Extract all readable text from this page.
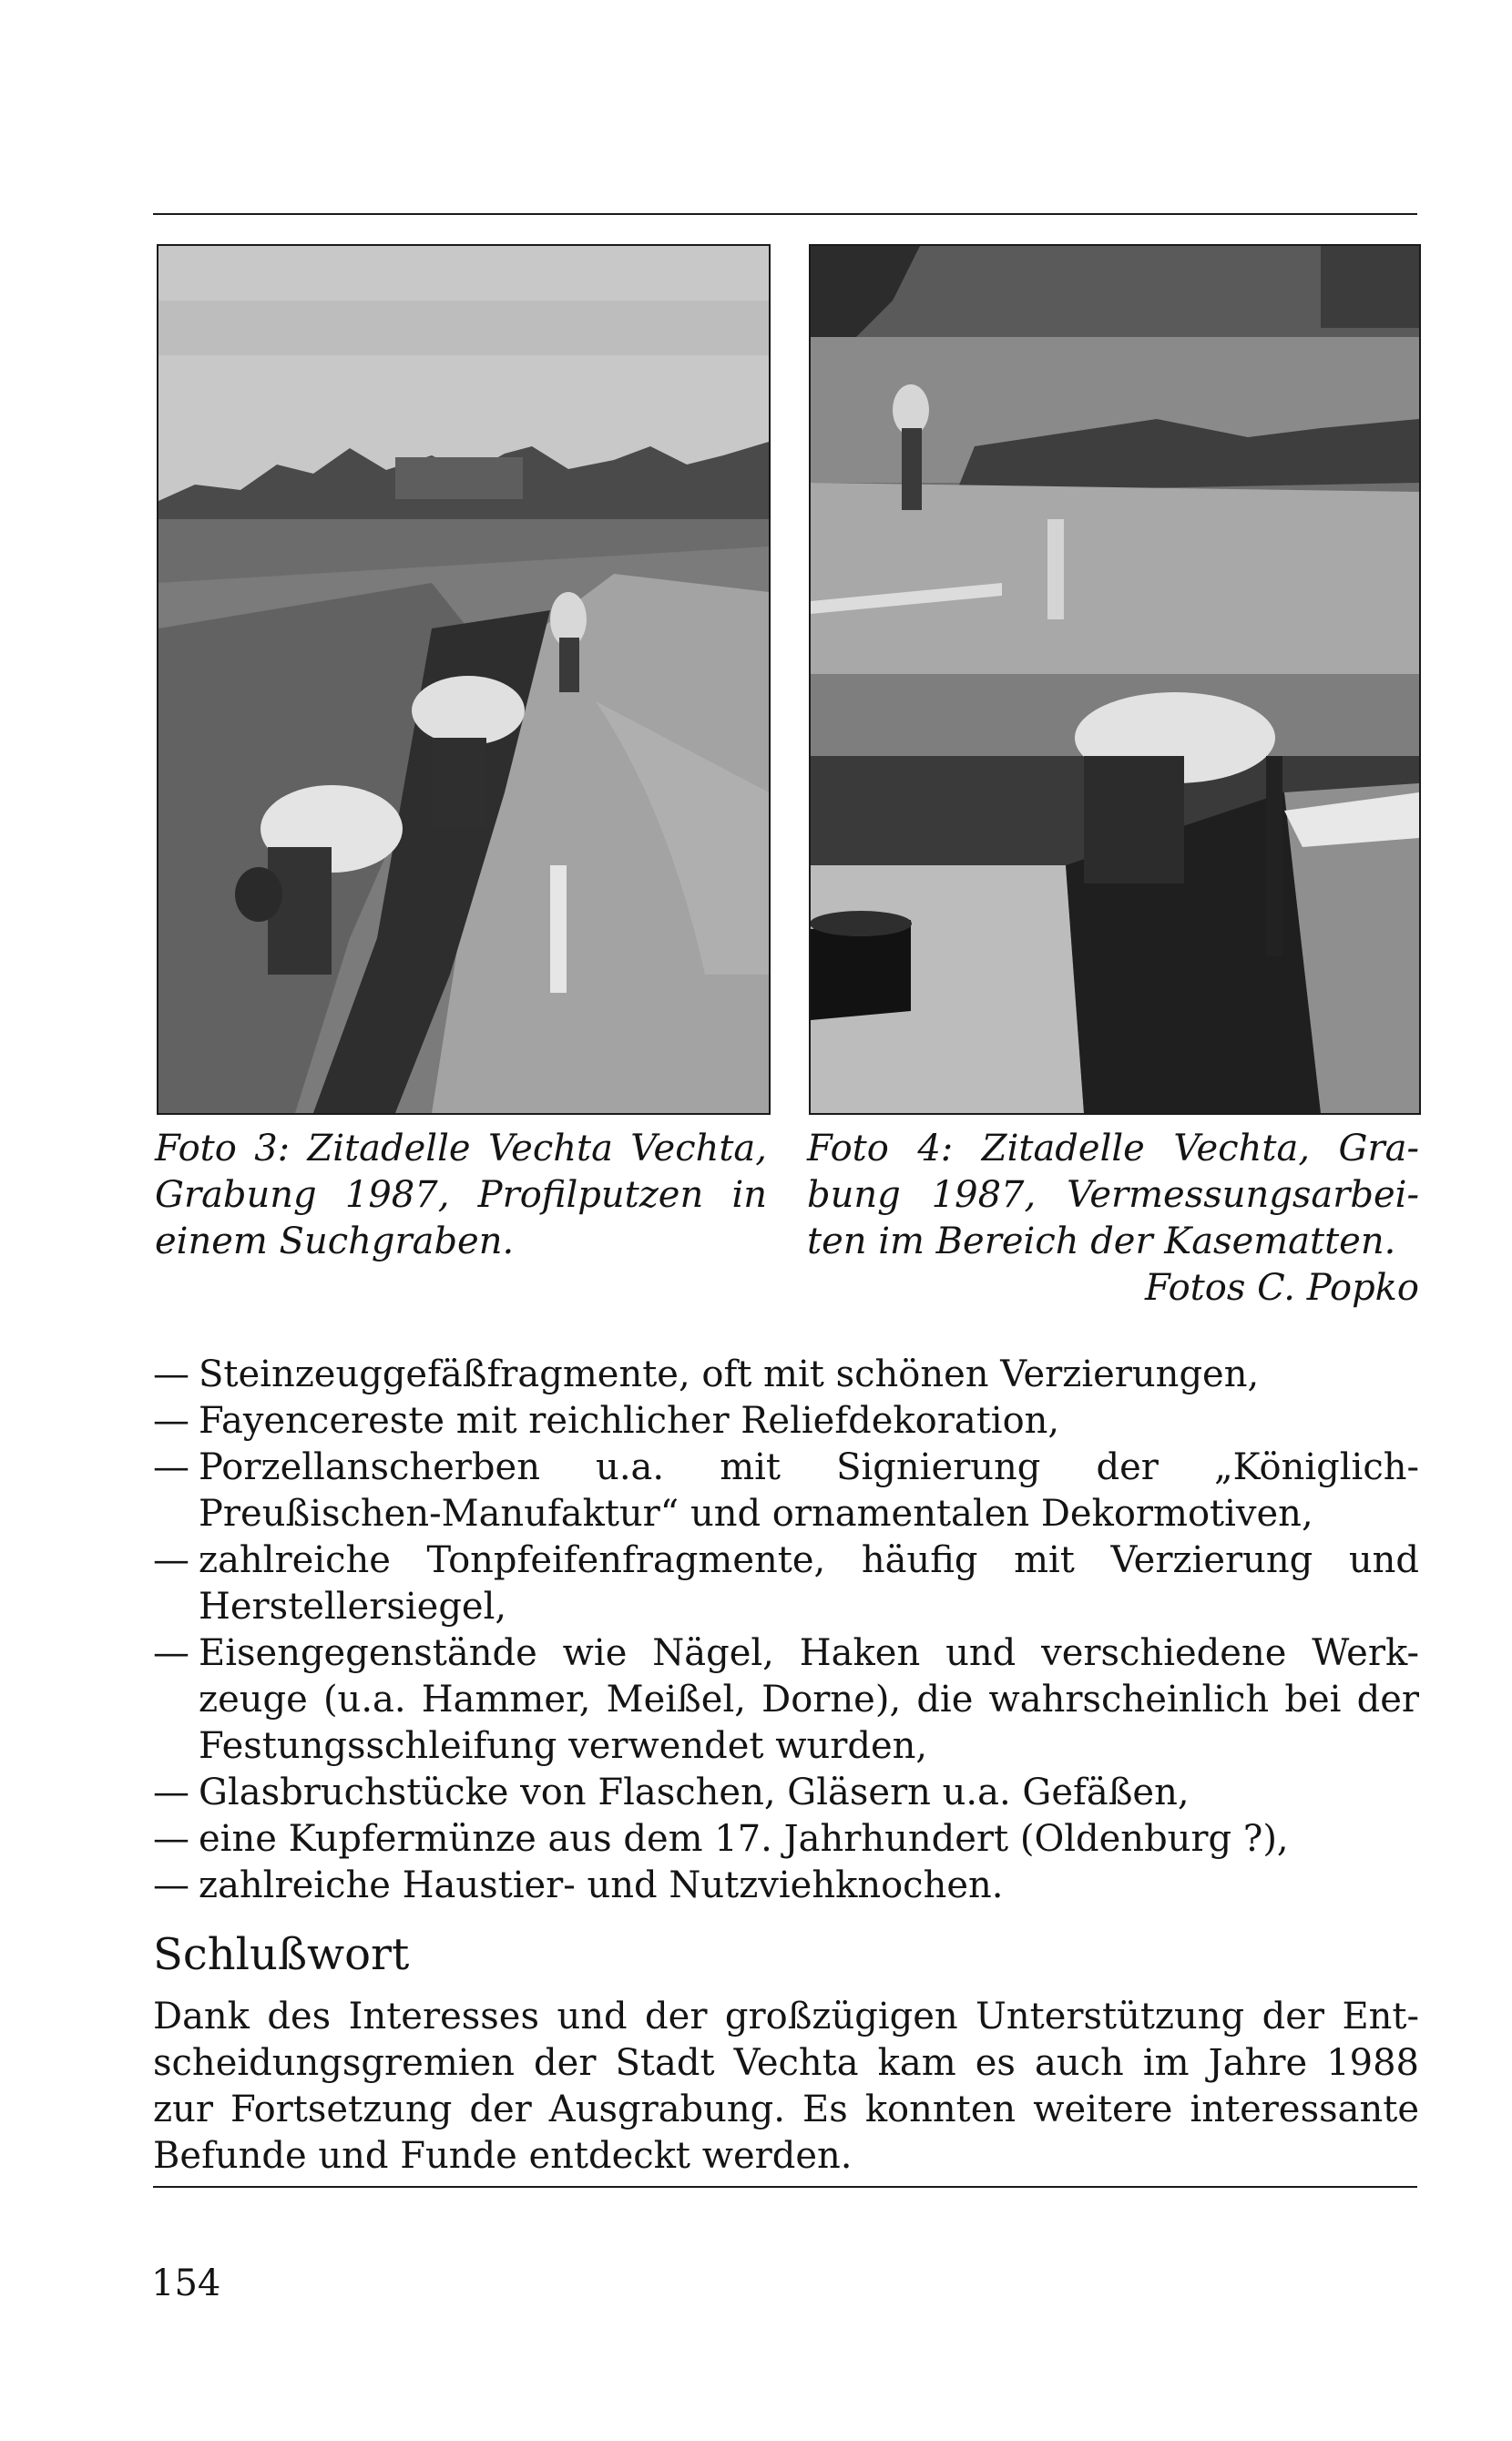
Foto 3: Zitadelle Vechta Vechta,
Grabung 1987, Profilputzen in
einem Suchgraben.

Foto 4: Zitadelle Vechta, Gra-
bung 1987, Vermessungsarbei-
ten im Bereich der Kasematten.
Fotos C. Popko

— Steinzeuggefäßfragmente, oft mit schönen Verzierungen,
— Fayencereste mit reichlicher Reliefdekoration,
— Porzellanscherben u.a. mit Signierung der „Königlich-
Preußischen-Manufaktur“ und ornamentalen Dekormotiven,
— zahlreiche Tonpfeifenfragmente, häufig mit Verzierung und
Herstellersiegel,
— Eisengegenstände wie Nägel, Haken und verschiedene Werk-
zeuge (u.a. Hammer, Meißel, Dorne), die wahrscheinlich bei der
Festungsschleifung verwendet wurden,
— Glasbruchstücke von Flaschen, Gläsern u.a. Gefäßen,
— eine Kupfermünze aus dem 17. Jahrhundert (Oldenburg ?),
— zahlreiche Haustier- und Nutzviehknochen.
Schlußwort

Dank des Interesses und der großzügigen Unterstützung der Ent-
scheidungsgremien der Stadt Vechta kam es auch im Jahre 1988
zur Fortsetzung der Ausgrabung. Es konnten weitere interessante
Befunde und Funde entdeckt werden.

154
